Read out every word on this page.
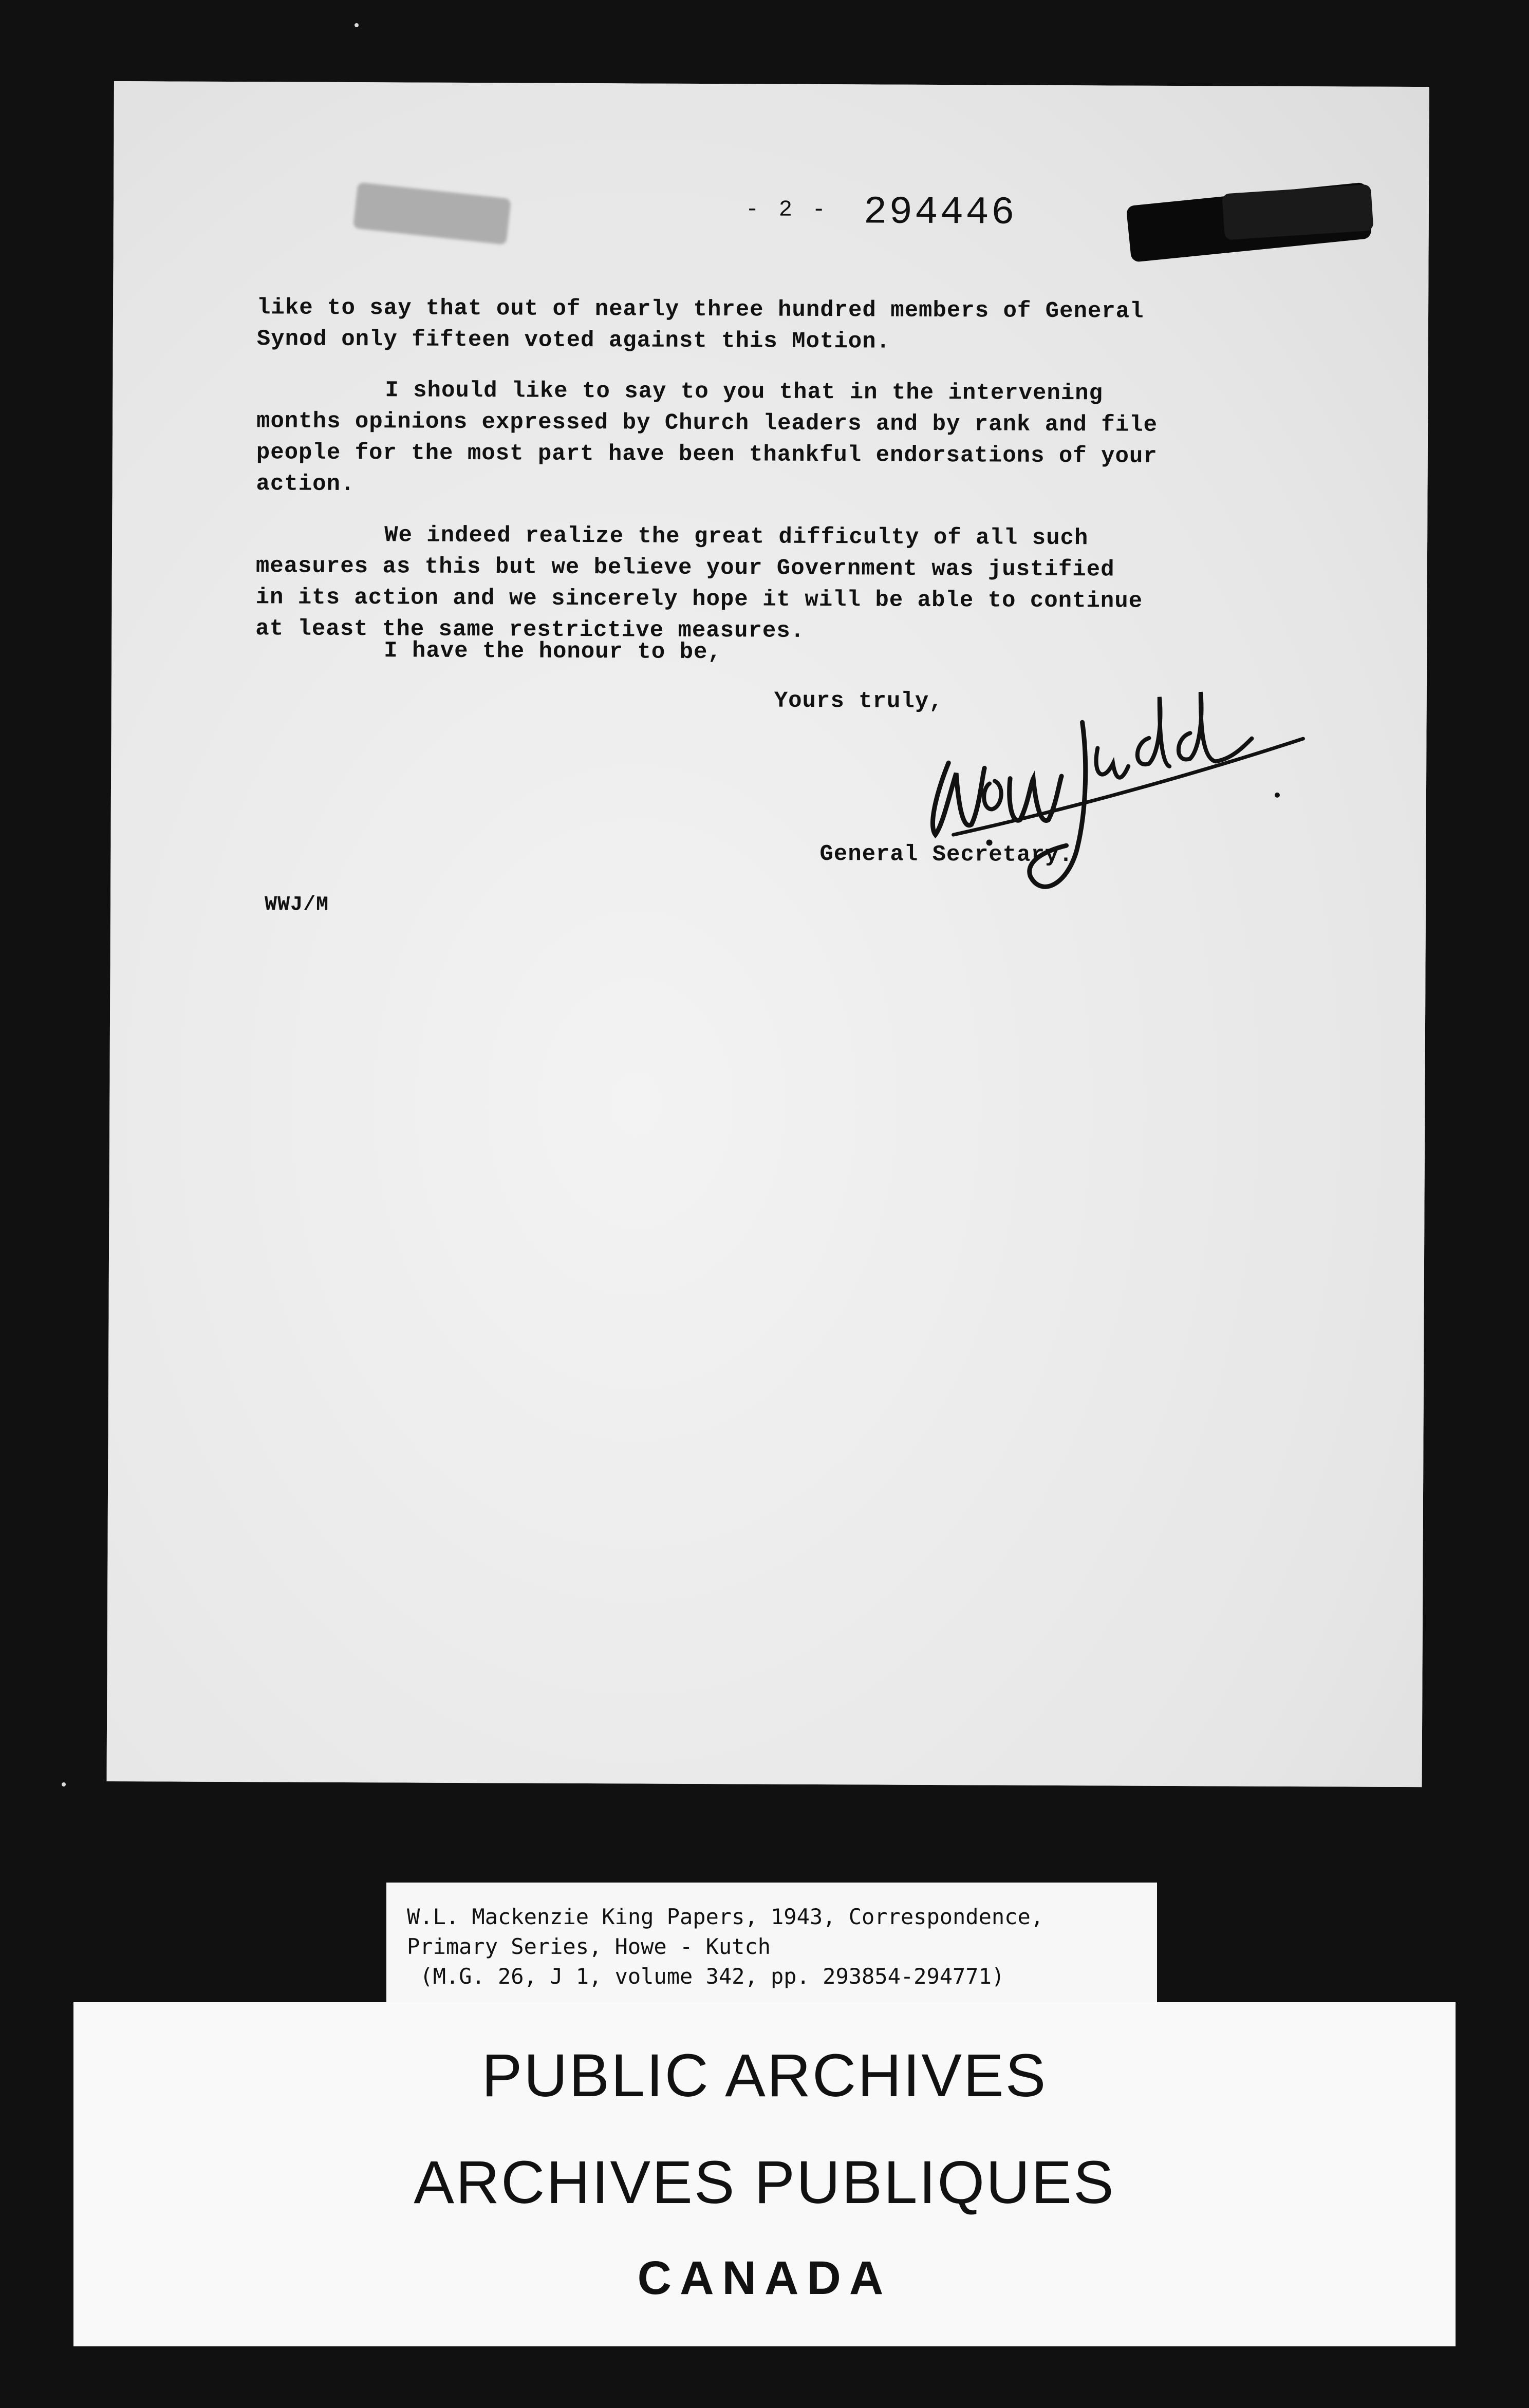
- 2 - 294446

like to say that out of nearly three hundred members of General
Synod only fifteen voted against this Motion.

I should like to say to you that in the intervening
months opinions expressed by Church leaders and by rank and file
people for the most part have been thankful endorsations of your
action.

We indeed realize the great difficulty of all such
measures as this but we believe your Government was justified
in its action and we sincerely hope it will be able to continue
at least the same restrictive measures.

I have the honour to be,
Yours truly,
General Secretary.
WWJ/M
W.L. Mackenzie King Papers, 1943, Correspondence,
Primary Series, Howe - Kutch
(M.G. 26, J 1, volume 342, pp. 293854-294771)
PUBLIC ARCHIVES
ARCHIVES PUBLIQUES
CANADA
